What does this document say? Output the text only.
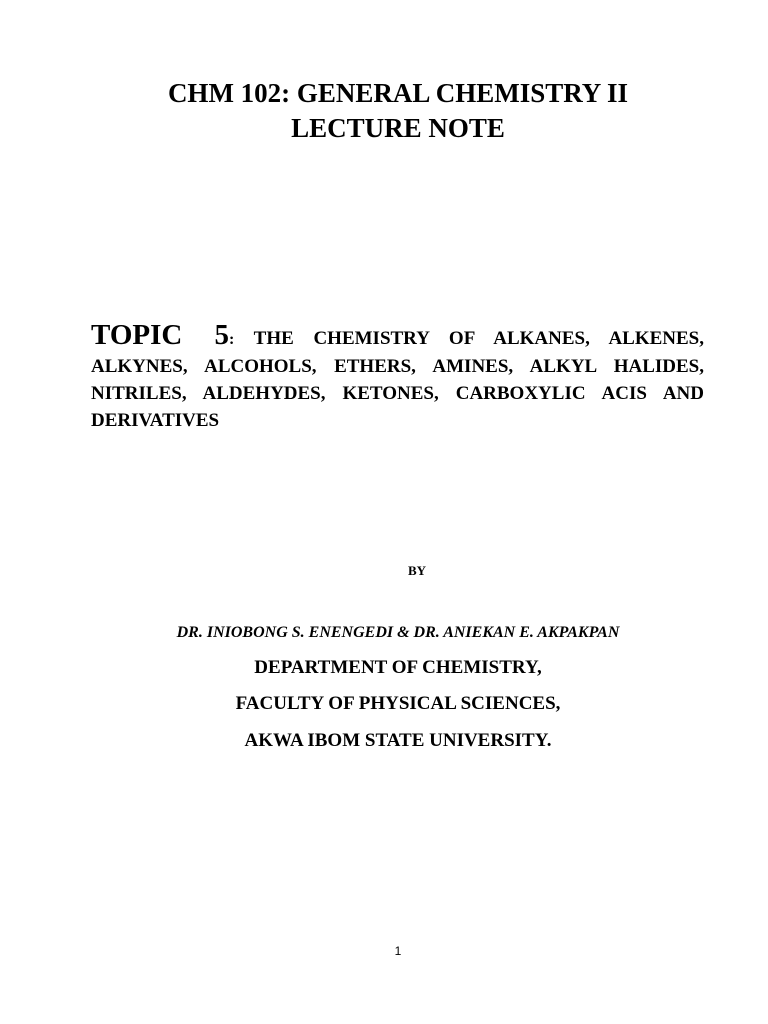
CHM 102: GENERAL CHEMISTRY II
LECTURE NOTE
TOPIC 5: THE CHEMISTRY OF ALKANES, ALKENES, ALKYNES, ALCOHOLS, ETHERS, AMINES, ALKYL HALIDES, NITRILES, ALDEHYDES, KETONES, CARBOXYLIC ACIS AND DERIVATIVES
BY
DR. INIOBONG S. ENENGEDI & DR. ANIEKAN E. AKPAKPAN
DEPARTMENT OF CHEMISTRY,
FACULTY OF PHYSICAL SCIENCES,
AKWA IBOM STATE UNIVERSITY.
1
